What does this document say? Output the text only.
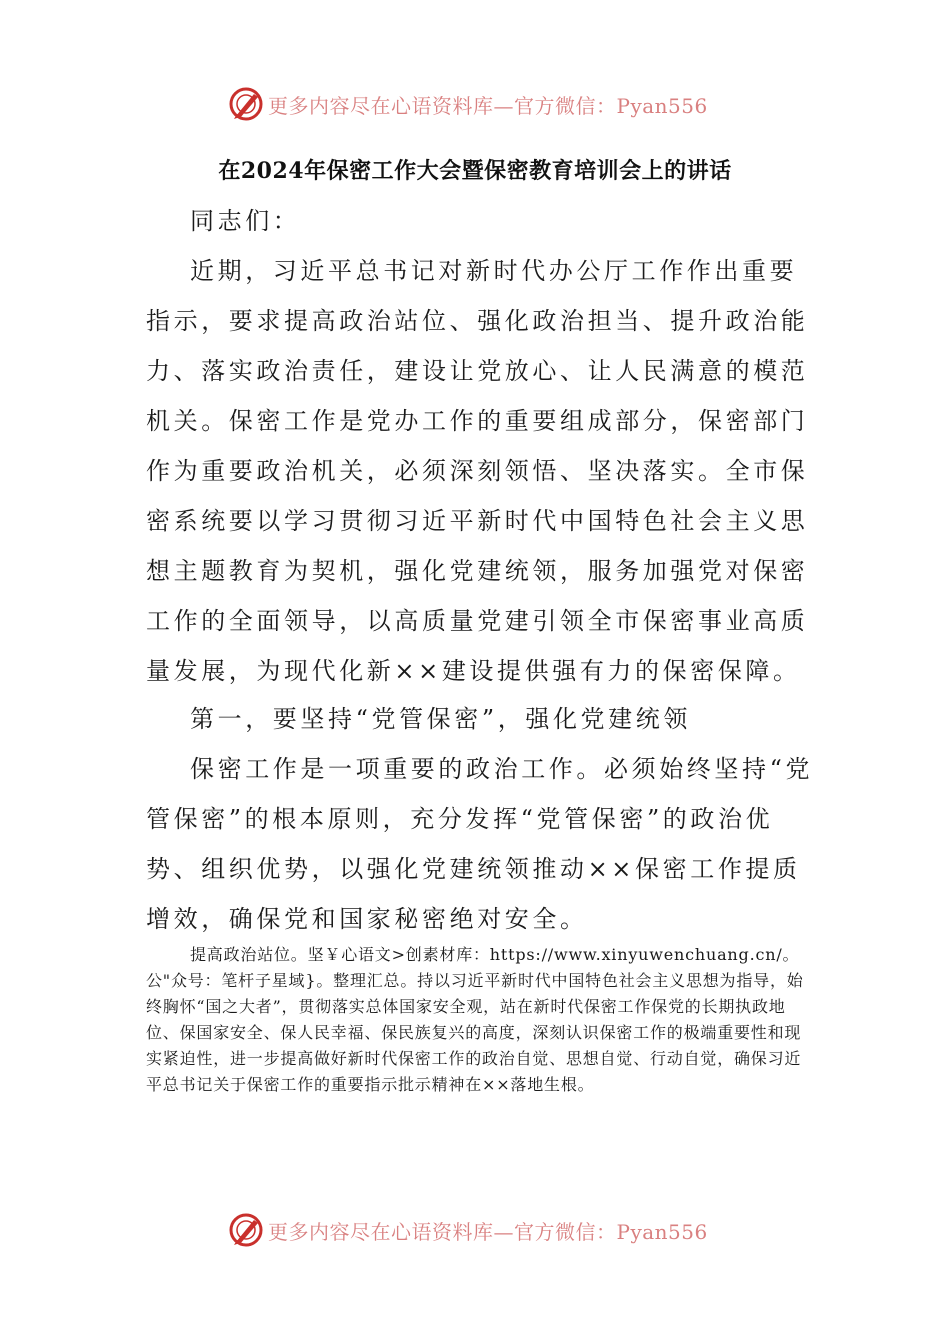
更多内容尽在心语资料库—官方微信：Pyan556
在2024年保密工作大会暨保密教育培训会上的讲话
同志们：

近期，习近平总书记对新时代办公厅工作作出重要指示，要求提高政治站位、强化政治担当、提升政治能力、落实政治责任，建设让党放心、让人民满意的模范机关。保密工作是党办工作的重要组成部分，保密部门作为重要政治机关，必须深刻领悟、坚决落实。全市保密系统要以学习贯彻习近平新时代中国特色社会主义思想主题教育为契机，强化党建统领，服务加强党对保密工作的全面领导，以高质量党建引领全市保密事业高质量发展，为现代化新××建设提供强有力的保密保障。

第一，要坚持“党管保密”，强化党建统领

保密工作是一项重要的政治工作。必须始终坚持“党管保密”的根本原则，充分发挥“党管保密”的政治优势、组织优势，以强化党建统领推动××保密工作提质增效，确保党和国家秘密绝对安全。

提高政治站位。坚￥心语文>创素材库：https://www.xinyuwenchuang.cn/。公"众号：笔杆子星域}。整理汇总。持以习近平新时代中国特色社会主义思想为指导，始终胸怀“国之大者”，贯彻落实总体国家安全观，站在新时代保密工作保党的长期执政地位、保国家安全、保人民幸福、保民族复兴的高度，深刻认识保密工作的极端重要性和现实紧迫性，进一步提高做好新时代保密工作的政治自觉、思想自觉、行动自觉，确保习近平总书记关于保密工作的重要指示批示精神在××落地生根。

更多内容尽在心语资料库—官方微信：Pyan556
